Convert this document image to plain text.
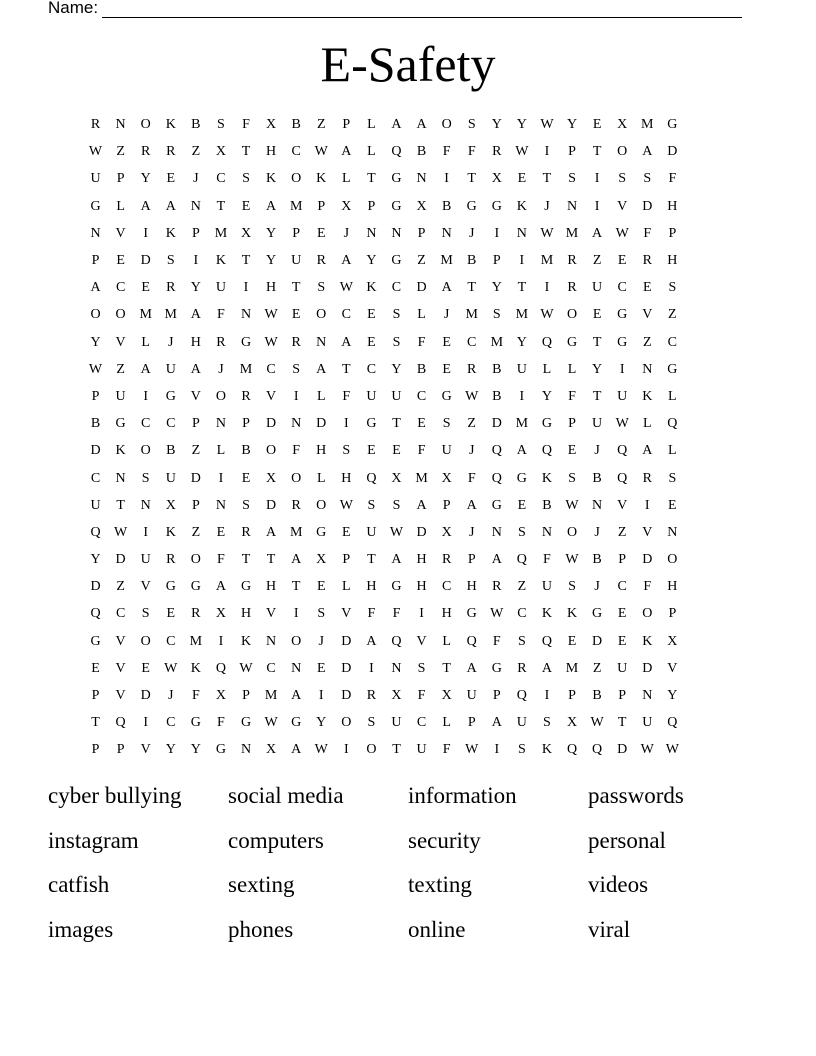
Name:
E-Safety
R	N	O	K	B	S	F	X	B	Z	P	L	A	A	O	S	Y	Y W Y	E	X M G
W	Z	R	R	Z	X	T	H	C W A	L	Q	B	F	F	R W	I	P	T	O	A	D
U	P	Y	E	J	C	S	K	O	K	L	T	G	N	I	T	X	E	T	S	I	S	S	F
G	L	A	A	N	T	E	A M	P	X	P	G	X	B	G	G	K	J	N	I	V	D	H
N	V	I	K	P	M X	Y	P	E	J	N	N	P	N	J	I	N W M A W	F	P
P	E	D	S	I	K	T	Y	U	R	A	Y	G	Z	M	B	P	I	M	R	Z	E	R	H
A	C	E	R	Y	U	I	H	T	S	W K	C	D	A	T	Y	T	I	R	U	C	E	S
O	O M M A	F	N W	E	O	C	E	S	L	J	M	S	M W O	E	G	V	Z
Y	V	L	J	H	R	G W R	N	A	E	S	F	E	C	M Y	Q	G	T	G	Z	C
W	Z	A	U	A	J	M	C	S	A	T	C	Y	B	E	R	B	U	L	L	Y	I	N	G
P	U	I	G	V	O	R	V	I	L	F	U	U	C	G W B	I	Y	F	T	U	K	L
B	G	C	C	P	N	P	D	N	D	I	G	T	E	S	Z	D M G	P	U W	L	Q
D	K	O	B	Z	L	B	O	F	H	S	E	E	F	U	J	Q	A	Q	E	J	Q	A	L
C	N	S	U	D	I	E	X	O	L	H	Q	X M X	F	Q	G	K	S	B	Q	R	S
U	T	N	X	P	N	S	D	R	O W	S	S	A	P	A	G	E	B W N	V	I	E
Q W	I	K	Z	E	R	A M G	E	U W D	X	J	N	S	N	O	J	Z	V	N
Y	D	U	R	O	F	T	T	A	X	P	T	A	H	R	P	A	Q	F	W B	P	D	O
D	Z	V	G	G	A	G	H	T	E	L	H	G	H	C	H	R	Z	U	S	J	C	F	H
Q	C	S	E	R	X	H	V	I	S	V	F	F	I	H	G W C	K	K	G	E	O	P
G	V	O	C	M	I	K	N	O	J	D	A	Q	V	L	Q	F	S	Q	E	D	E	K	X
E	V	E	W K	Q W C	N	E	D	I	N	S	T	A	G	R	A M	Z	U	D	V
P	V	D	J	F	X	P	M A	I	D	R	X	F	X	U	P	Q	I	P	B	P	N	Y
T	Q	I	C	G	F	G W G	Y	O	S	U	C	L	P	A	U	S	X W	T	U	Q
P	P	V	Y	Y	G	N	X	A W	I	O	T	U	F	W	I	S	K	Q	Q	D W W
cyber bullying	social media	information	passwords
instagram	computers	security	personal
catfish	sexting	texting	videos
images	phones	online	viral
